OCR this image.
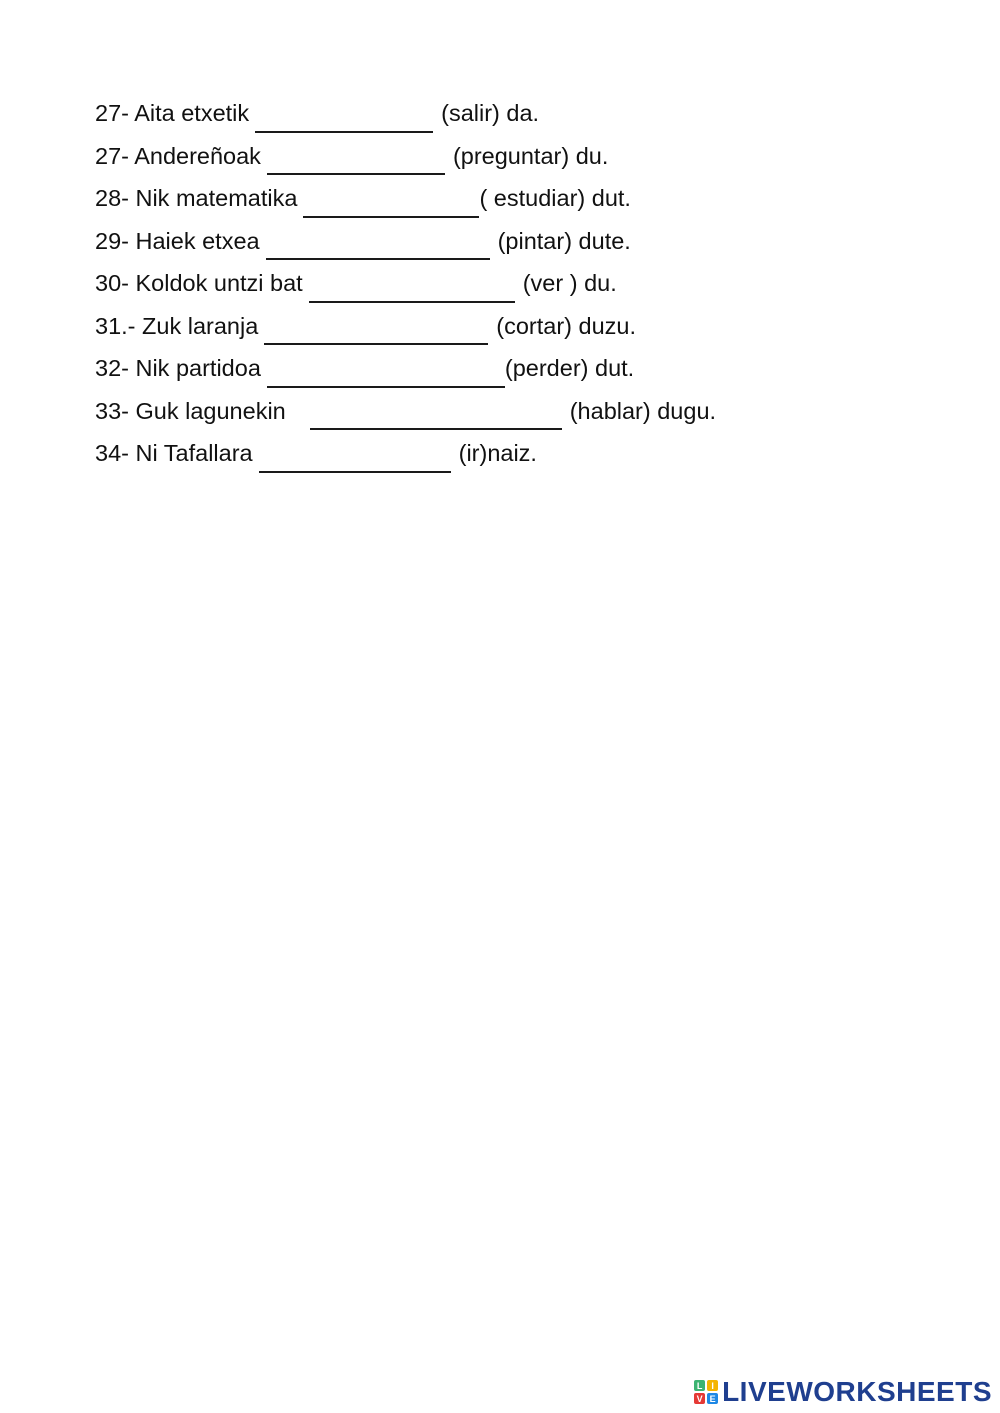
27- Aita etxetik	(salir) da.
27- Andereñoak	(preguntar) du.
28- Nik matematika	( estudiar) dut.
29- Haiek etxea	(pintar) dute.
30- Koldok untzi bat	(ver ) du.
31.- Zuk laranja	(cortar) duzu.
32- Nik partidoa	(perder) dut.
33- Guk lagunekin	(hablar) dugu.
34- Ni Tafallara	(ir)naiz.
L I
V E LIVEWORKSHEETS
